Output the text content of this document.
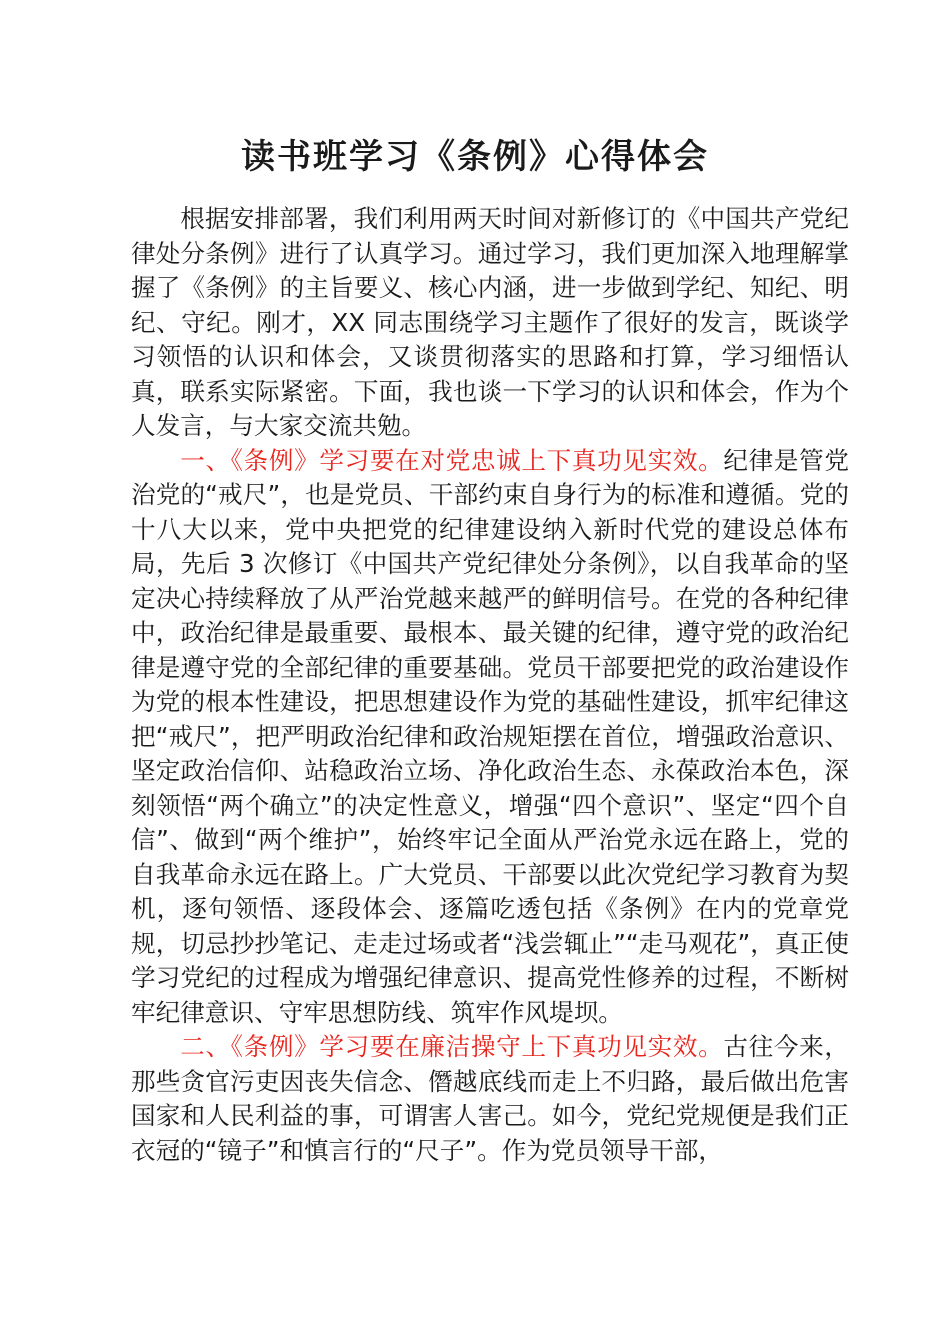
读书班学习《条例》心得体会

根据安排部署，我们利用两天时间对新修订的《中国共产党纪律处分条例》进行了认真学习。通过学习，我们更加深入地理解掌握了《条例》的主旨要义、核心内涵，进一步做到学纪、知纪、明纪、守纪。刚才，XX 同志围绕学习主题作了很好的发言，既谈学习领悟的认识和体会，又谈贯彻落实的思路和打算，学习细悟认真，联系实际紧密。下面，我也谈一下学习的认识和体会，作为个人发言，与大家交流共勉。

一、《条例》学习要在对党忠诚上下真功见实效。纪律是管党治党的“戒尺”，也是党员、干部约束自身行为的标准和遵循。党的十八大以来，党中央把党的纪律建设纳入新时代党的建设总体布局，先后 3 次修订《中国共产党纪律处分条例》，以自我革命的坚定决心持续释放了从严治党越来越严的鲜明信号。在党的各种纪律中，政治纪律是最重要、最根本、最关键的纪律，遵守党的政治纪律是遵守党的全部纪律的重要基础。党员干部要把党的政治建设作为党的根本性建设，把思想建设作为党的基础性建设，抓牢纪律这把“戒尺”，把严明政治纪律和政治规矩摆在首位，增强政治意识、坚定政治信仰、站稳政治立场、净化政治生态、永葆政治本色，深刻领悟“两个确立”的决定性意义，增强“四个意识”、坚定“四个自信”、做到“两个维护”，始终牢记全面从严治党永远在路上，党的自我革命永远在路上。广大党员、干部要以此次党纪学习教育为契机，逐句领悟、逐段体会、逐篇吃透包括《条例》在内的党章党规，切忌抄抄笔记、走走过场或者“浅尝辄止”“走马观花”，真正使学习党纪的过程成为增强纪律意识、提高党性修养的过程，不断树牢纪律意识、守牢思想防线、筑牢作风堤坝。

二、《条例》学习要在廉洁操守上下真功见实效。古往今来，那些贪官污吏因丧失信念、僭越底线而走上不归路，最后做出危害国家和人民利益的事，可谓害人害己。如今，党纪党规便是我们正衣冠的“镜子”和慎言行的“尺子”。作为党员领导干部，
